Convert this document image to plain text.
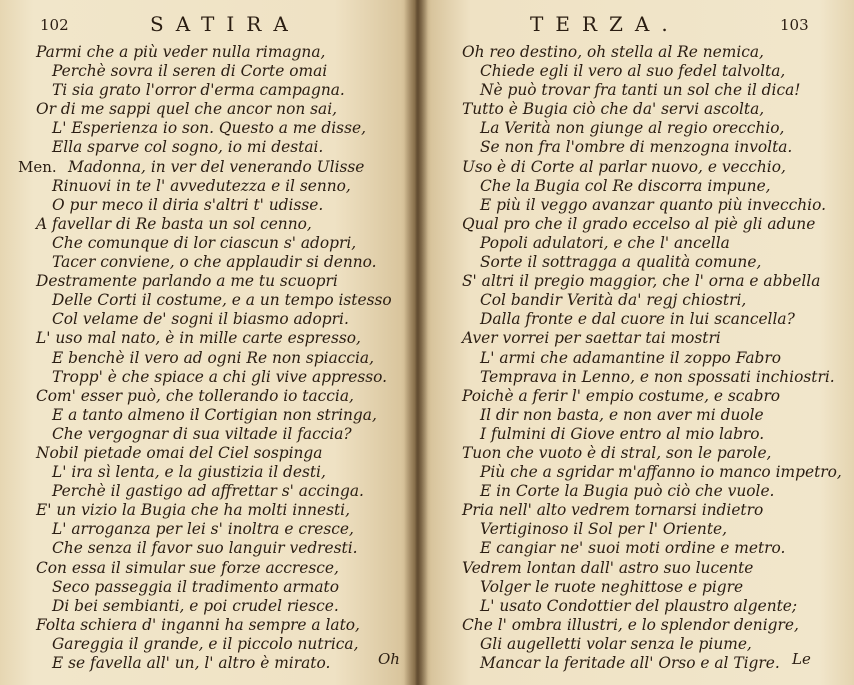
102	SATIRA
Parmi che a più veder nulla rimagna,
Perchè sovra il seren di Corte omai
Ti sia grato l'orror d'erma campagna.
Or di me sappi quel che ancor non sai,
L' Esperienza io son. Questo a me disse,
Ella sparve col sogno, io mi destai.
Men. Madonna, in ver del venerando Ulisse
Rinuovi in te l' avvedutezza e il senno,
O pur meco il diria s'altri t' udisse.
A favellar di Re basta un sol cenno,
Che comunque di lor ciascun s' adopri,
Tacer conviene, o che applaudir si denno.
Destramente parlando a me tu scuopri
Delle Corti il costume, e a un tempo istesso
Col velame de' sogni il biasmo adopri.
L' uso mal nato, è in mille carte espresso,
E benchè il vero ad ogni Re non spiaccia,
Tropp' è che spiace a chi gli vive appresso.
Com' esser può, che tollerando io taccia,
E a tanto almeno il Cortigian non stringa,
Che vergognar di sua viltade il faccia?
Nobil pietade omai del Ciel sospinga
L' ira sì lenta, e la giustizia il desti,
Perchè il gastigo ad affrettar s' accinga.
E' un vizio la Bugia che ha molti innesti,
L' arroganza per lei s' inoltra e cresce,
Che senza il favor suo languir vedresti.
Con essa il simular sue forze accresce,
Seco passeggia il tradimento armato
Di bei sembianti, e poi crudel riesce.
Folta schiera d' inganni ha sempre a lato,
Gareggia il grande, e il piccolo nutrica,
E se favella all' un, l' altro è mirato.	Oh
TERZA.	103
Oh reo destino, oh stella al Re nemica,
Chiede egli il vero al suo fedel talvolta,
Nè può trovar fra tanti un sol che il dica!
Tutto è Bugia ciò che da' servi ascolta,
La Verità non giunge al regio orecchio,
Se non fra l'ombre di menzogna involta.
Uso è di Corte al parlar nuovo, e vecchio,
Che la Bugia col Re discorra impune,
E più il veggo avanzar quanto più invecchio.
Qual pro che il grado eccelso al piè gli adune
Popoli adulatori, e che l' ancella
Sorte il sottragga a qualità comune,
S' altri il pregio maggior, che l' orna e abbella
Col bandir Verità da' regj chiostri,
Dalla fronte e dal cuore in lui scancella?
Aver vorrei per saettar tai mostri
L' armi che adamantine il zoppo Fabro
Temprava in Lenno, e non spossati inchiostri.
Poichè a ferir l' empio costume, e scabro
Il dir non basta, e non aver mi duole
I fulmini di Giove entro al mio labro.
Tuon che vuoto è di stral, son le parole,
Più che a sgridar m'affanno io manco impetro,
E in Corte la Bugia può ciò che vuole.
Pria nell' alto vedrem tornarsi indietro
Vertiginoso il Sol per l' Oriente,
E cangiar ne' suoi moti ordine e metro.
Vedrem lontan dall' astro suo lucente
Volger le ruote neghittose e pigre
L' usato Condottier del plaustro algente;
Che l' ombra illustri, e lo splendor denigre,
Gli augelletti volar senza le piume,
Mancar la feritade all' Orso e al Tigre. Le
